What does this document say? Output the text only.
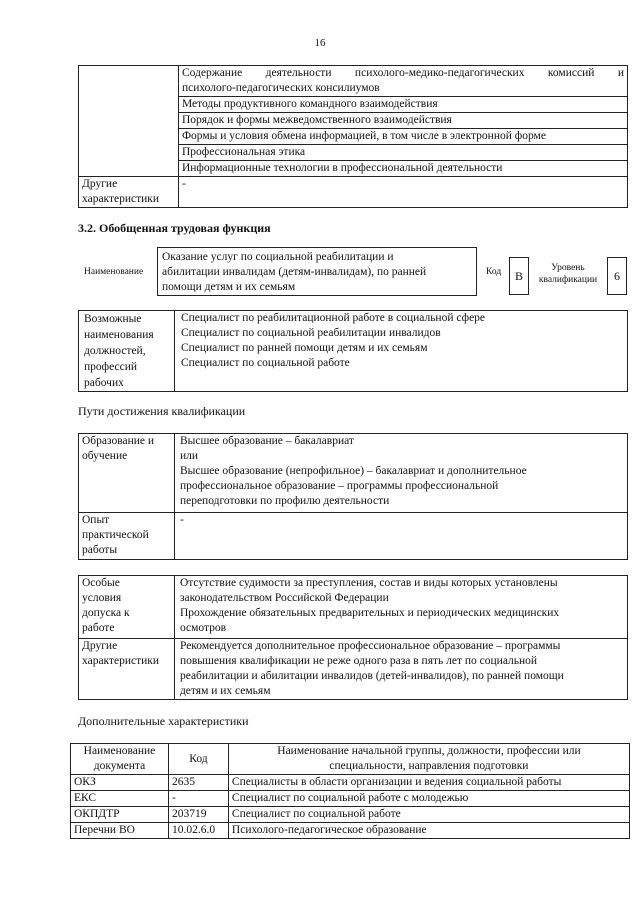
16

	Содержание деятельности психолого-медико-педагогических комиссий и
психолого-педагогических консилиумов

	Методы продуктивного командного взаимодействия
	Порядок и формы межведомственного взаимодействия
	Формы и условия обмена информацией, в том числе в электронной форме
	Профессиональная этика
	Информационные технологии в профессиональной деятельности

Другие
характеристики	-
3.2. Обобщенная трудовая функция
Наименование
Оказание услуг по социальной реабилитации и
абилитации инвалидам (детям-инвалидам), по ранней
помощи детям и их семьям
Код	B
Уровень
квалификации	6
Возможные
наименования
должностей,
профессий
рабочих

Специалист по реабилитационной работе в социальной сфере
Специалист по социальной реабилитации инвалидов
Специалист по ранней помощи детям и их семьям
Специалист по социальной работе
Пути достижения квалификации
Образование и
обучение	Высшее образование – бакалавриат
или
Высшее образование (непрофильное) – бакалавриат и дополнительное
профессиональное образование – программы профессиональной
переподготовки по профилю деятельности

Опыт
практической
работы	-
Особые
условия
допуска к
работе	Отсутствие судимости за преступления, состав и виды которых установлены
законодательством Российской Федерации
Прохождение обязательных предварительных и периодических медицинских
осмотров

Другие
характеристики	Рекомендуется дополнительное профессиональное образование – программы
повышения квалификации не реже одного раза в пять лет по социальной
реабилитации и абилитации инвалидов (детей-инвалидов), по ранней помощи
детям и их семьям
Дополнительные характеристики
Наименование
документа	Код	Наименование начальной группы, должности, профессии или
специальности, направления подготовки

ОКЗ	2635	Специалисты в области организации и ведения социальной работы
ЕКС	-	Специалист по социальной работе с молодежью
ОКПДТР	203719	Специалист по социальной работе
Перечни ВО	10.02.6.0	Психолого-педагогическое образование
